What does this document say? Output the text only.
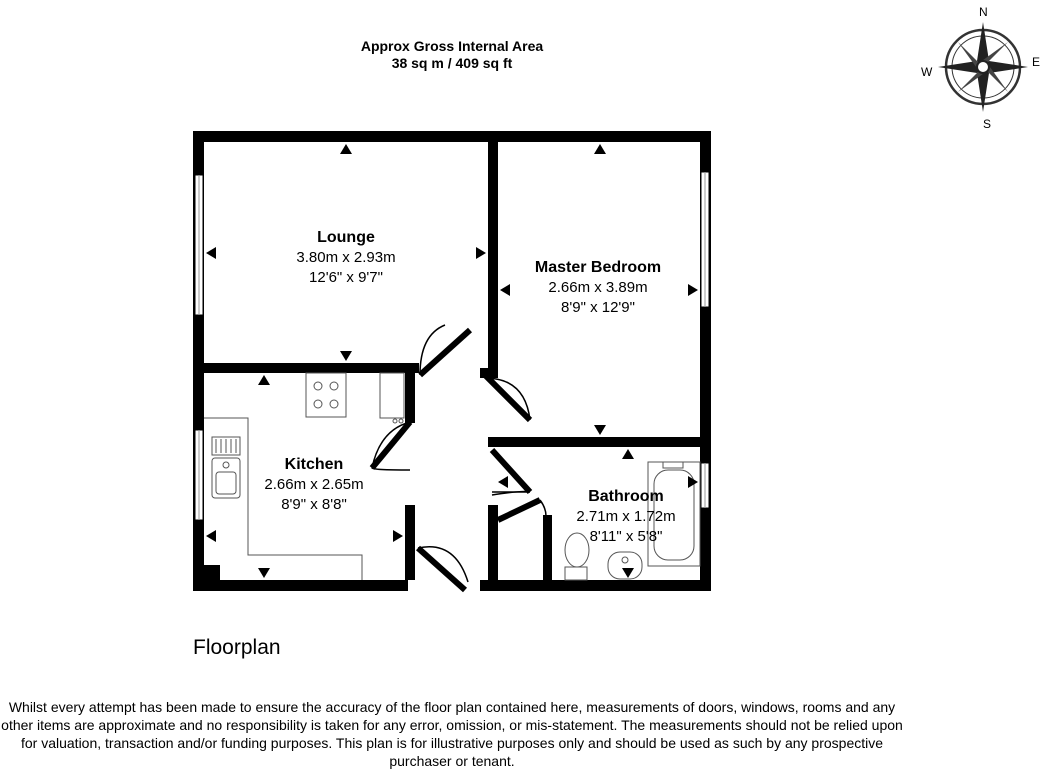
Approx Gross Internal Area
38 sq m / 409 sq ft
Lounge
3.80m x 2.93m
12'6" x 9'7"
Master Bedroom
2.66m x 3.89m
8'9" x 12'9"
Kitchen
2.66m x 2.65m
8'9" x 8'8"	Bathroom
2.71m x 1.72m
8'11" x 5'8"
N
E
S
W
Floorplan
Whilst every attempt has been made to ensure the accuracy of the floor plan contained here, measurements of doors, windows, rooms and any other items are approximate and no responsibility is taken for any error, omission, or mis-statement. The measurements should not be relied upon for valuation, transaction and/or funding purposes. This plan is for illustrative purposes only and should be used as such by any prospective purchaser or tenant.
